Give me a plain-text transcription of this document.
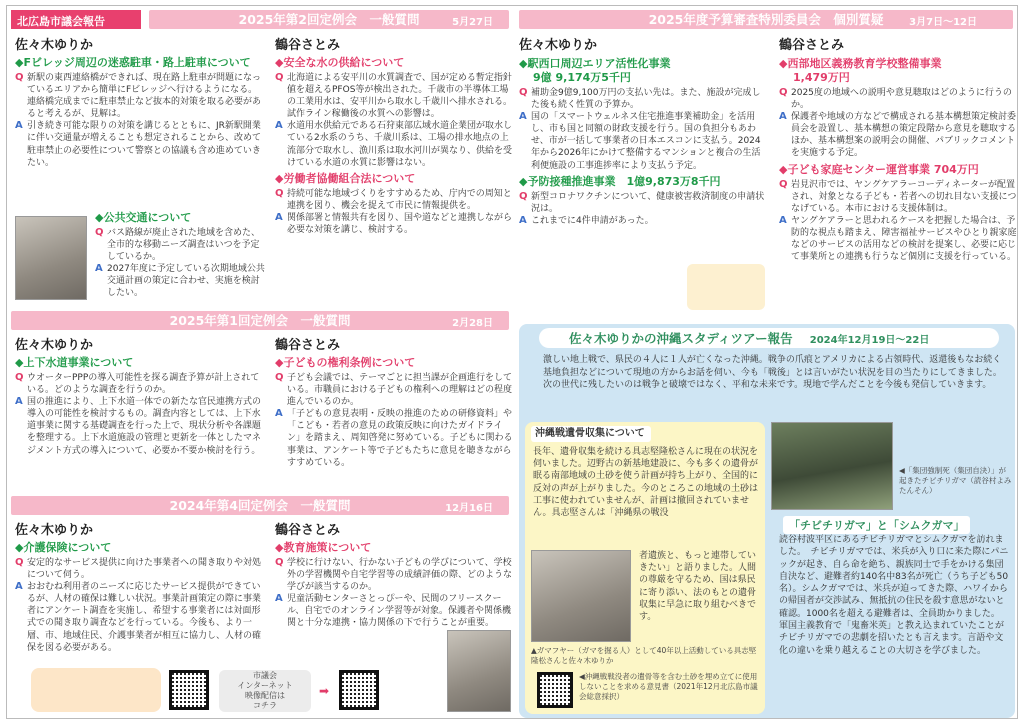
北広島市議会報告	2025年第2回定例会　一般質問	5月27日
佐々木ゆりか
◆Fビレッジ周辺の迷惑駐車・路上駐車について
Q 新駅の東西連絡橋ができれば、現在路上駐車が問題になっているエリアから簡単にFビレッジへ行けるようになる。連絡橋完成までに駐車禁止など抜本的対策を取る必要があると考えるが、見解は。
A 引き続き可能な限りの対策を講じるとともに、JR新駅開業に伴い交通量が増えることも想定されることから、改めて駐車禁止の必要性について警察との協議も含め進めていきたい。
◆公共交通について
Q バス路線が廃止された地域を含めた、全市的な移動ニーズ調査はいつを予定しているか。
A 2027年度に予定している次期地域公共交通計画の策定に合わせ、実施を検討したい。
鶴谷さとみ
◆安全な水の供給について
Q 北海道による安平川の水質調査で、国が定める暫定指針値を超えるPFOS等が検出された。千歳市の半導体工場の工業用水は、安平川から取水し千歳川へ排水される。試作ライン稼働後の水質への影響は。
A 水道用水供給元である石狩東部広域水道企業団が取水している2水系のうち、千歳川系は、工場の排水地点の上流部分で取水し、漁川系は取水河川が異なり、供給を受けている水道の水質に影響はない。
◆労働者協働組合法について
Q 持続可能な地域づくりをすすめるため、庁内での周知と連携を図り、機会を捉えて市民に情報提供を。
A 関係部署と情報共有を図り、国や道などと連携しながら必要な対策を講じ、検討する。
2025年第1回定例会　一般質問	2月28日
佐々木ゆりか
◆上下水道事業について
Q ウオーターPPPの導入可能性を探る調査予算が計上されている。どのような調査を行うのか。
A 国の推進により、上下水道一体での新たな官民連携方式の導入の可能性を検討するもの。調査内容としては、上下水道事業に関する基礎調査を行った上で、現状分析や各課題を整理する。上下水道施設の管理と更新を一体としたマネジメント方式の導入について、必要か不要か検討を行う。
鶴谷さとみ
◆子どもの権利条例について
Q 子ども会議では、テーマごとに担当課が企画進行をしている。市職員における子どもの権利への理解はどの程度進んでいるのか。
A 「子どもの意見表明・反映の推進のための研修資料」や「こども・若者の意見の政策反映に向けたガイドライン」を踏まえ、周知啓発に努めている。子どもに関わる事業は、アンケート等で子どもたちに意見を聴きながらすすめている。
2024年第4回定例会　一般質問	12月16日
佐々木ゆりか
◆介護保険について
Q 安定的なサービス提供に向けた事業者への聞き取りや対処について伺う。
A おおむね利用者のニーズに応じたサービス提供ができているが、人材の確保は難しい状況。事業計画策定の際に事業者にアンケート調査を実施し、希望する事業者には対面形式での聞き取り調査などを行っている。今後も、より一層、市、地域住民、介護事業者が相互に協力し、人材の確保を図る必要がある。
鶴谷さとみ
◆教育施策について
Q 学校に行けない、行かない子どもの学びについて、学校外の学習機関や自宅学習等の成績評価の際、どのような学びが該当するのか。
A 児童活動センターさとっぴーや、民間のフリースクール、自宅でのオンライン学習等が対象。保護者や関係機関と十分な連携・協力関係の下で行うことが重要。
市議会
インターネット
映像配信は
コチラ
➡
2025年度予算審査特別委員会　個別質疑	3月7日～12日
佐々木ゆりか
◆駅西口周辺エリア活性化事業
9億 9,174万5千円
Q 補助金9億9,100万円の支払い先は。また、施設が完成した後も続く性質の予算か。
A 国の「スマートウェルネス住宅推進事業補助金」を活用し、市も国と同額の財政支援を行う。国の負担分もあわせ、市が一括して事業者の日本エスコンに支払う。2024年から2026年にかけて整備するマンションと複合の生活利便施設の工事進捗率により支払う予定。
◆予防接種推進事業　1億9,873万8千円
Q 新型コロナワクチンについて、健康被害救済制度の申請状況は。
A これまでに4件申請があった。
鶴谷さとみ
◆西部地区義務教育学校整備事業
1,479万円
Q 2025度の地域への説明や意見聴取はどのように行うのか。
A 保護者や地域の方などで構成される基本構想策定検討委員会を設置し、基本構想の策定段階から意見を聴取するほか、基本構想案の説明会の開催、パブリックコメントを実施する予定。
◆子ども家庭センター運営事業 704万円
Q 岩見沢市では、ヤングケアラーコーディネーターが配置され、対象となる子ども・若者への切れ目ない支援につなげている。本市における支援体制は。
A ヤングケアラーと思われるケースを把握した場合は、予防的な視点も踏まえ、障害福祉サービスやひとり親家庭などのサービスの活用などの検討を提案し、必要に応じて事業所との連携も行うなど個別に支援を行っている。
佐々木ゆりかの沖縄スタディツアー報告 2024年12月19日～22日
激しい地上戦で、県民の４人に１人が亡くなった沖縄。戦争の爪痕とアメリカによる占領時代、返還後もなお続く基地負担などについて現地の方からお話を伺い、今も「戦後」とは言いがたい状況を目の当たりにしてきました。次の世代に残したいのは戦争と破壊ではなく、平和な未来です。現地で学んだことを今後も発信していきます。
沖縄戦遺骨収集について
長年、遺骨収集を続ける具志堅隆松さんに現在の状況を伺いました。辺野古の新基地建設に、今も多くの遺骨が眠る南部地域の土砂を使う計画が持ち上がり、全国的に反対の声が上がりました。今のところこの地域の土砂は工事に使われていませんが、計画は撤回されていません。具志堅さんは「沖縄県の戦没
者遺族と、もっと連帯していきたい」と語りました。人間の尊厳を守るため、国は県民に寄り添い、法のもとの遺骨収集に早急に取り組むべきです。
▲ガマフヤー（ガマを掘る人）として40年以上活動している具志堅隆松さんと佐々木ゆりか
◀沖縄戦戦没者の遺骨等を含む土砂を埋め立てに使用しないことを求める意見書（2021年12月北広島市議会総意採択）
◀「集団強制死（集団自決）」が起きたチビチリガマ（読谷村よみたんそん）
「チビチリガマ」と「シムクガマ」
読谷村波平区にあるチビチリガマとシムクガマを訪れました。　チビチリガマでは、米兵が入り口に来た際にパニックが起き、自ら命を絶ち、親族同士で手をかける集団自決など、避難者約140名中83名が死亡（うち子ども50名）。シムクガマでは、米兵が迫ってきた際、ハワイからの帰国者が交渉試み、無抵抗の住民を殺す意思がないと確認。1000名を超える避難者は、全員助かりました。　軍国主義教育で「鬼畜米英」と教え込まれていたことがチビチリガマでの悲劇を招いたとも言えます。言語や文化の違いを乗り越えることの大切さを学びました。
